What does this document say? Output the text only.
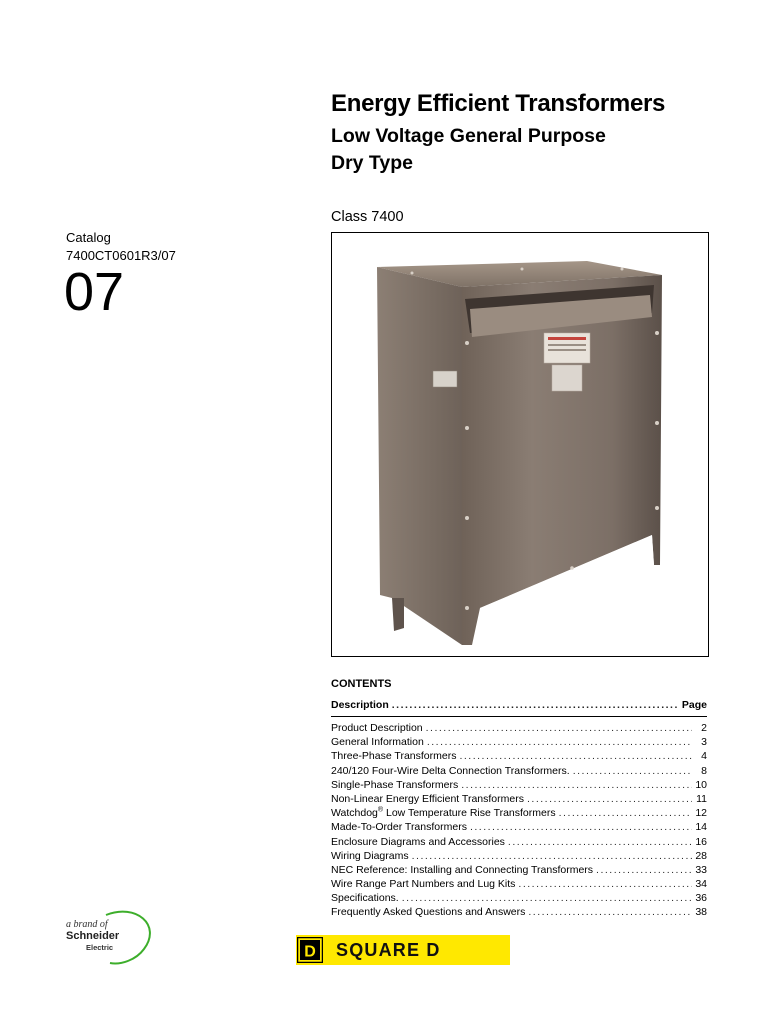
Energy Efficient Transformers
Low Voltage General Purpose
Dry Type
Class 7400
Catalog
7400CT0601R3/07
07
CONTENTS
Description .....	Page
Product Description .....	2
General Information .....	3
Three-Phase Transformers .....	4
240/120 Four-Wire Delta Connection Transformers. .....	8
Single-Phase Transformers .....	10
Non-Linear Energy Efficient Transformers .....	11
Watchdog® Low Temperature Rise Transformers .....	12
Made-To-Order Transformers .....	14
Enclosure Diagrams and Accessories .....	16
Wiring Diagrams .....	28
NEC Reference: Installing and Connecting Transformers .....	33
Wire Range Part Numbers and Lug Kits .....	34
Specifications. .....	36
Frequently Asked Questions and Answers .....	38
a brand of
Schneider
Electric	D SQUARE D
